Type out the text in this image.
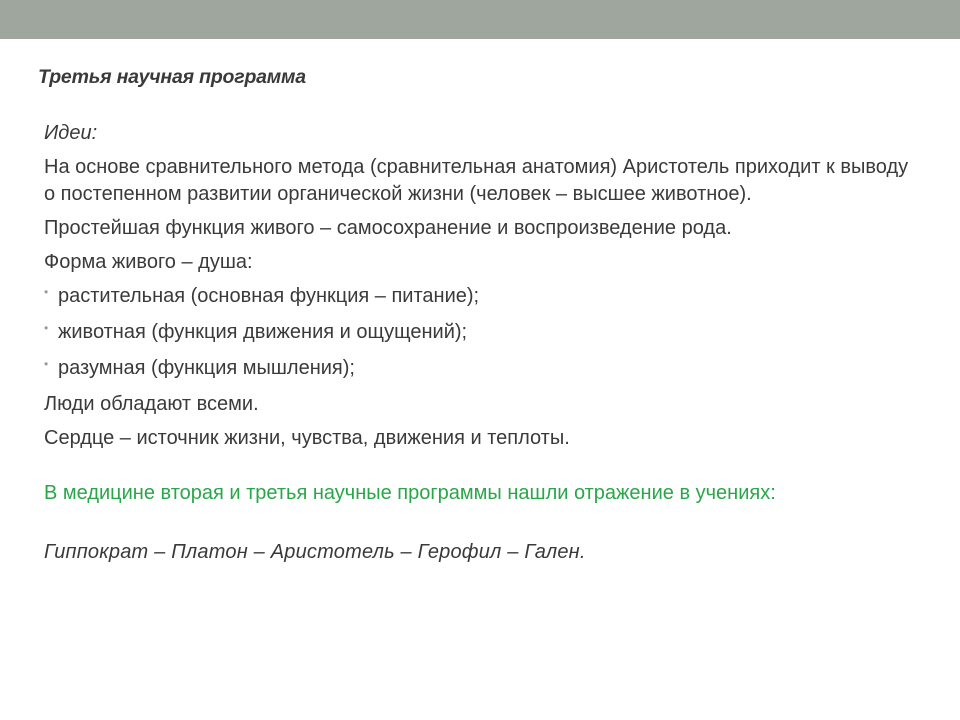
Третья научная программа

Идеи:

На основе сравнительного метода (сравнительная анатомия) Аристотель приходит к выводу о постепенном развитии органической жизни (человек – высшее животное).

Простейшая функция живого – самосохранение и воспроизведение рода.

Форма живого – душа:

• растительная (основная функция – питание);
• животная (функция движения и ощущений);
• разумная (функция мышления);

Люди обладают всеми.

Сердце – источник жизни, чувства, движения и теплоты.

В медицине вторая и третья научные программы нашли отражение в учениях:

Гиппократ – Платон – Аристотель – Герофил – Гален.
